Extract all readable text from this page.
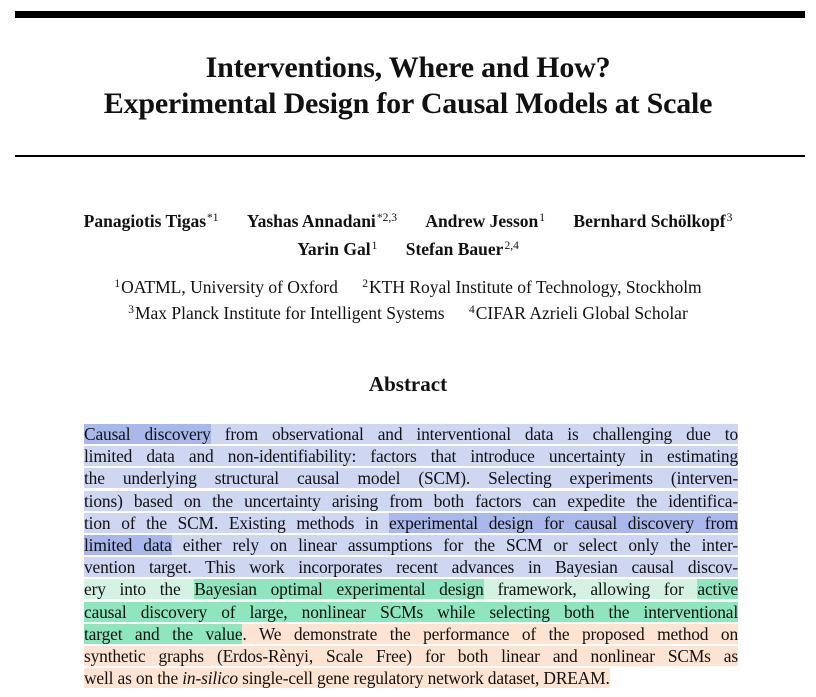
Interventions, Where and How?
Experimental Design for Causal Models at Scale
Panagiotis Tigas$^{*1}$ Yashas Annadani$^{*2,3}$ Andrew Jesson$^1$ Bernhard Schölkopf$^3$
Yarin Gal$^1$ Stefan Bauer$^{2,4}$
$^1$OATML, University of Oxford $^2$KTH Royal Institute of Technology, Stockholm
$^3$Max Planck Institute for Intelligent Systems $^4$CIFAR Azrieli Global Scholar
Abstract
Causal discovery from observational and interventional data is challenging due to
limited data and non-identifiability: factors that introduce uncertainty in estimating
the underlying structural causal model (SCM). Selecting experiments (interven-
tions) based on the uncertainty arising from both factors can expedite the identifica-
tion of the SCM. Existing methods in experimental design for causal discovery from
limited data either rely on linear assumptions for the SCM or select only the inter-
vention target. This work incorporates recent advances in Bayesian causal discov-
ery into the Bayesian optimal experimental design framework, allowing for active
causal discovery of large, nonlinear SCMs while selecting both the interventional
target and the value. We demonstrate the performance of the proposed method on
synthetic graphs (Erdos-Rènyi, Scale Free) for both linear and nonlinear SCMs as
well as on the in-silico single-cell gene regulatory network dataset, DREAM.
